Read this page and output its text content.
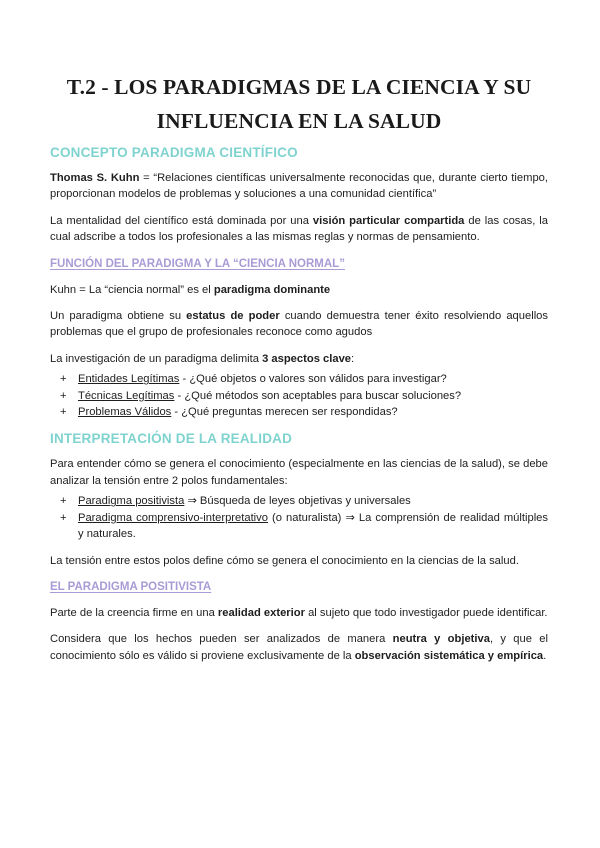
T.2 - LOS PARADIGMAS DE LA CIENCIA Y SU
INFLUENCIA EN LA SALUD
CONCEPTO PARADIGMA CIENTÍFICO

Thomas S. Kuhn = “Relaciones científicas universalmente reconocidas que, durante cierto tiempo, proporcionan modelos de problemas y soluciones a una comunidad científica”

La mentalidad del científico está dominada por una visión particular compartida de las cosas, la cual adscribe a todos los profesionales a las mismas reglas y normas de pensamiento.

FUNCIÓN DEL PARADIGMA Y LA “CIENCIA NORMAL”

Kuhn = La “ciencia normal” es el paradigma dominante

Un paradigma obtiene su estatus de poder cuando demuestra tener éxito resolviendo aquellos problemas que el grupo de profesionales reconoce como agudos

La investigación de un paradigma delimita 3 aspectos clave:

+ Entidades Legítimas - ¿Qué objetos o valores son válidos para investigar?
+ Técnicas Legítimas - ¿Qué métodos son aceptables para buscar soluciones?
+ Problemas Válidos - ¿Qué preguntas merecen ser respondidas?
INTERPRETACIÓN DE LA REALIDAD

Para entender cómo se genera el conocimiento (especialmente en las ciencias de la salud), se debe analizar la tensión entre 2 polos fundamentales:

+ Paradigma positivista ⇒ Búsqueda de leyes objetivas y universales
+ Paradigma comprensivo-interpretativo (o naturalista) ⇒ La comprensión de realidad múltiples y naturales.

La tensión entre estos polos define cómo se genera el conocimiento en la ciencias de la salud.

EL PARADIGMA POSITIVISTA

Parte de la creencia firme en una realidad exterior al sujeto que todo investigador puede identificar.

Considera que los hechos pueden ser analizados de manera neutra y objetiva, y que el conocimiento sólo es válido si proviene exclusivamente de la observación sistemática y empírica.
